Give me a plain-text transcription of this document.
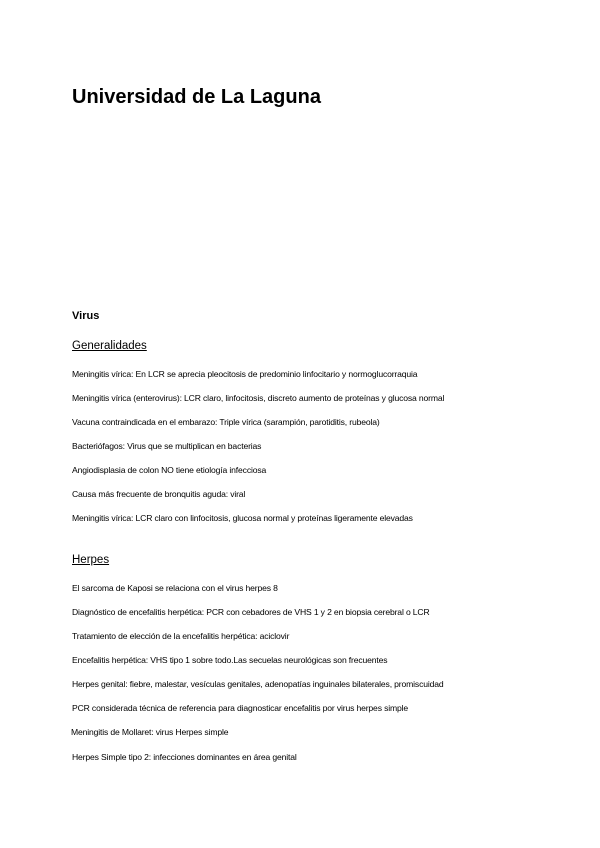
Universidad de La Laguna
Virus
Generalidades
Meningitis vírica: En LCR se aprecia pleocitosis de predominio linfocitario y normoglucorraquia
Meningitis vírica (enterovirus): LCR claro, linfocitosis, discreto aumento de proteínas y glucosa normal
Vacuna contraindicada en el embarazo: Triple vírica (sarampión, parotiditis, rubeola)
Bacteriófagos: Virus que se multiplican en bacterias
Angiodisplasia de colon NO tiene etiología infecciosa
Causa más frecuente de bronquitis aguda: viral
Meningitis vírica: LCR claro con linfocitosis, glucosa normal y proteínas ligeramente elevadas
Herpes
El sarcoma de Kaposi se relaciona con el virus herpes 8
Diagnóstico de encefalitis herpética: PCR con cebadores de VHS 1 y 2 en biopsia cerebral o LCR
Tratamiento de elección de la encefalitis herpética: aciclovir
Encefalitis herpética: VHS tipo 1 sobre todo.Las secuelas neurológicas son frecuentes
Herpes genital: fiebre, malestar, vesículas genitales, adenopatías inguinales bilaterales, promiscuidad
PCR considerada técnica de referencia para diagnosticar encefalitis por virus herpes simple
Meningitis de Mollaret: virus Herpes simple
Herpes Simple tipo 2: infecciones dominantes en área genital
